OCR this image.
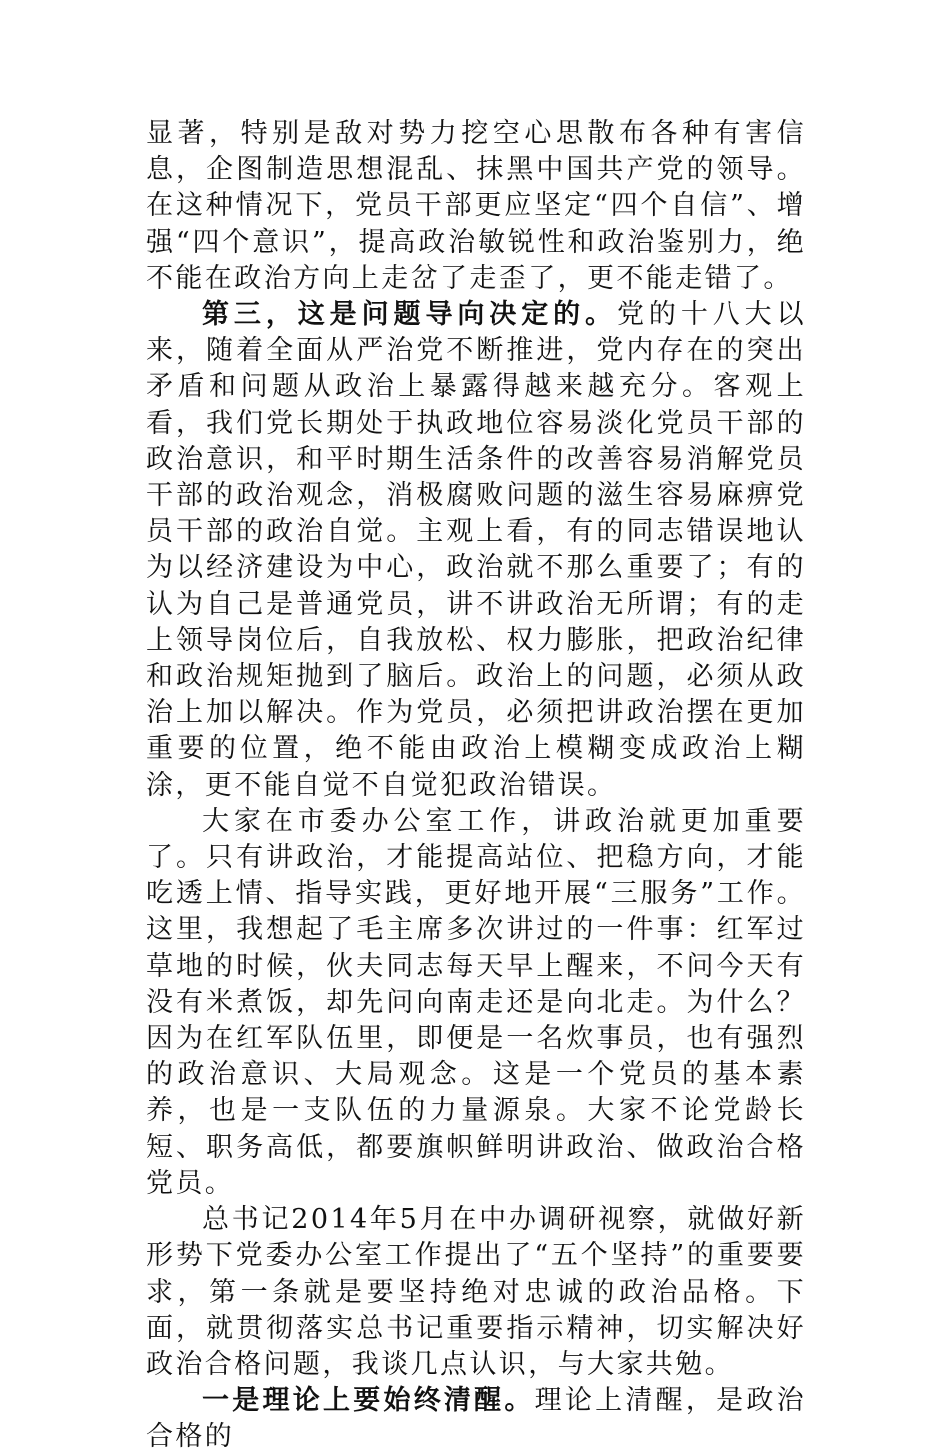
显著，特别是敌对势力挖空心思散布各种有害信息，企图制造思想混乱、抹黑中国共产党的领导。在这种情况下，党员干部更应坚定“四个自信”、增强“四个意识”，提高政治敏锐性和政治鉴别力，绝不能在政治方向上走岔了走歪了，更不能走错了。

第三，这是问题导向决定的。党的十八大以来，随着全面从严治党不断推进，党内存在的突出矛盾和问题从政治上暴露得越来越充分。客观上看，我们党长期处于执政地位容易淡化党员干部的政治意识，和平时期生活条件的改善容易消解党员干部的政治观念，消极腐败问题的滋生容易麻痹党员干部的政治自觉。主观上看，有的同志错误地认为以经济建设为中心，政治就不那么重要了；有的认为自己是普通党员，讲不讲政治无所谓；有的走上领导岗位后，自我放松、权力膨胀，把政治纪律和政治规矩抛到了脑后。政治上的问题，必须从政治上加以解决。作为党员，必须把讲政治摆在更加重要的位置，绝不能由政治上模糊变成政治上糊涂，更不能自觉不自觉犯政治错误。

大家在市委办公室工作，讲政治就更加重要了。只有讲政治，才能提高站位、把稳方向，才能吃透上情、指导实践，更好地开展“三服务”工作。这里，我想起了毛主席多次讲过的一件事：红军过草地的时候，伙夫同志每天早上醒来，不问今天有没有米煮饭，却先问向南走还是向北走。为什么？因为在红军队伍里，即便是一名炊事员，也有强烈的政治意识、大局观念。这是一个党员的基本素养，也是一支队伍的力量源泉。大家不论党龄长短、职务高低，都要旗帜鲜明讲政治、做政治合格党员。

总书记2014年5月在中办调研视察，就做好新形势下党委办公室工作提出了“五个坚持”的重要要求，第一条就是要坚持绝对忠诚的政治品格。下面，就贯彻落实总书记重要指示精神，切实解决好政治合格问题，我谈几点认识，与大家共勉。

一是理论上要始终清醒。理论上清醒，是政治合格的
